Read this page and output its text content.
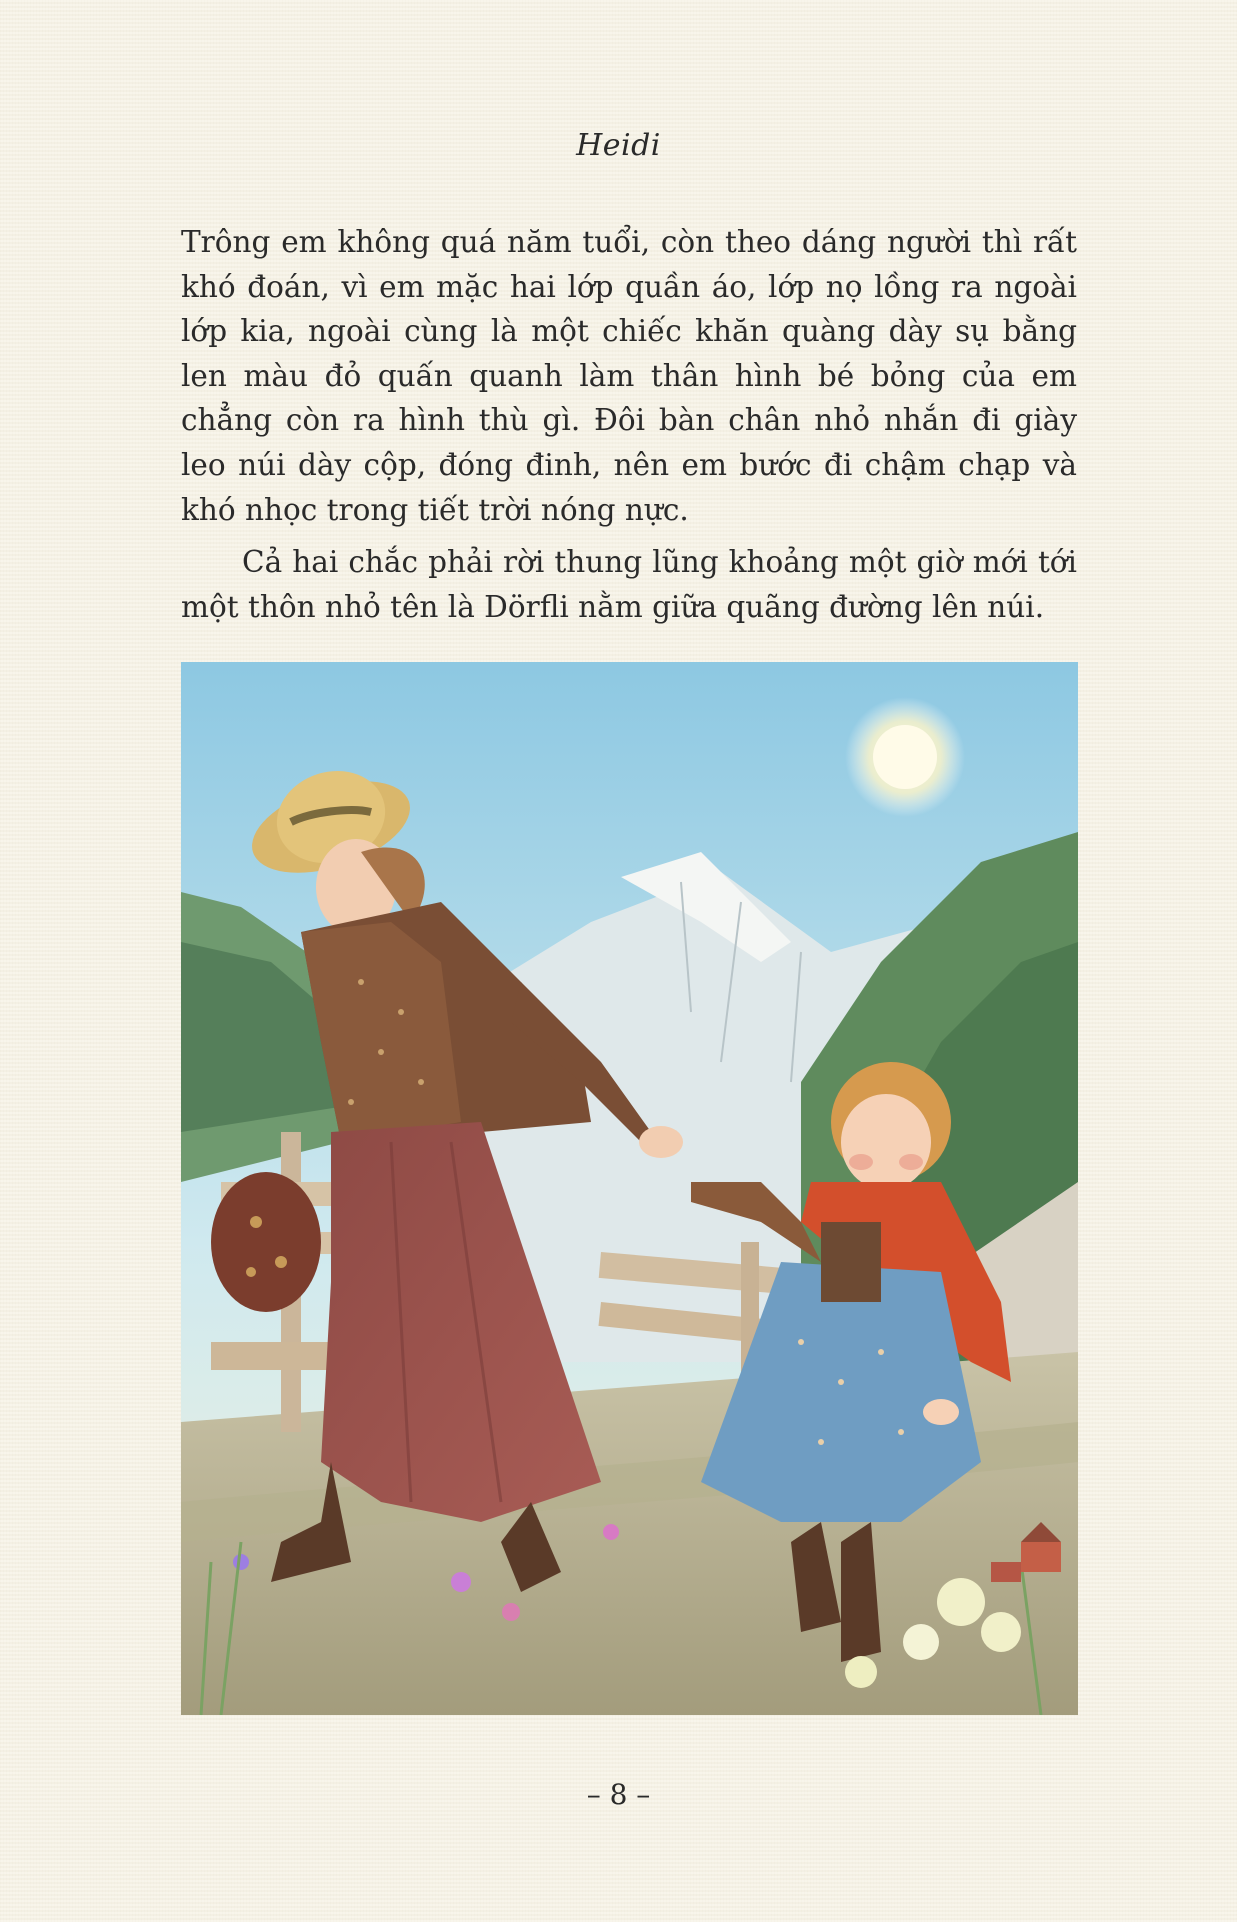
Heidi

Trông em không quá năm tuổi, còn theo dáng người thì rất khó đoán, vì em mặc hai lớp quần áo, lớp nọ lồng ra ngoài lớp kia, ngoài cùng là một chiếc khăn quàng dày sụ bằng len màu đỏ quấn quanh làm thân hình bé bỏng của em chẳng còn ra hình thù gì. Đôi bàn chân nhỏ nhắn đi giày leo núi dày cộp, đóng đinh, nên em bước đi chậm chạp và khó nhọc trong tiết trời nóng nực.

Cả hai chắc phải rời thung lũng khoảng một giờ mới tới một thôn nhỏ tên là Dörfli nằm giữa quãng đường lên núi.

– 8 –
